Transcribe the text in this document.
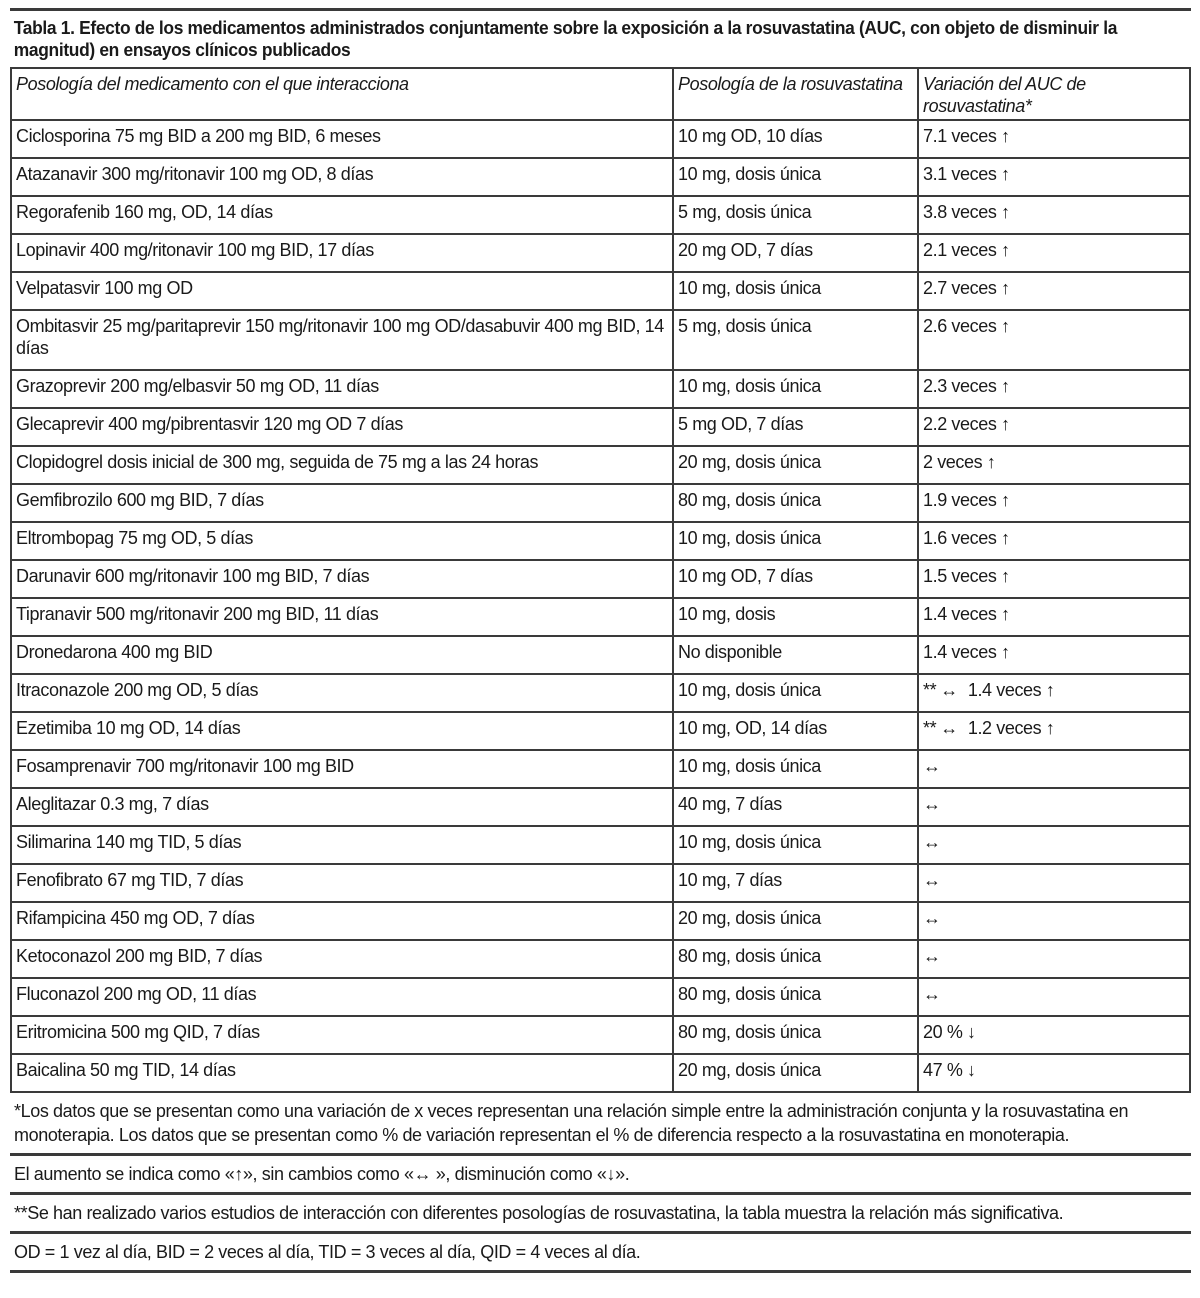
Tabla 1. Efecto de los medicamentos administrados conjuntamente sobre la exposición a la rosuvastatina (AUC, con objeto de disminuir la magnitud) en ensayos clínicos publicados
Posología del medicamento con el que interacciona	Posología de la rosuvastatina	Variación del AUC de rosuvastatina*
Ciclosporina 75 mg BID a 200 mg BID, 6 meses	10 mg OD, 10 días	7.1 veces ↑
Atazanavir 300 mg/ritonavir 100 mg OD, 8 días	10 mg, dosis única	3.1 veces ↑
Regorafenib 160 mg, OD, 14 días	5 mg, dosis única	3.8 veces ↑
Lopinavir 400 mg/ritonavir 100 mg BID, 17 días	20 mg OD, 7 días	2.1 veces ↑
Velpatasvir 100 mg OD	10 mg, dosis única	2.7 veces ↑
Ombitasvir 25 mg/paritaprevir 150 mg/ritonavir 100 mg OD/dasabuvir 400 mg BID, 14 días	5 mg, dosis única	2.6 veces ↑
Grazoprevir 200 mg/elbasvir 50 mg OD, 11 días	10 mg, dosis única	2.3 veces ↑
Glecaprevir 400 mg/pibrentasvir 120 mg OD 7 días	5 mg OD, 7 días	2.2 veces ↑
Clopidogrel dosis inicial de 300 mg, seguida de 75 mg a las 24 horas	20 mg, dosis única	2 veces ↑
Gemfibrozilo 600 mg BID, 7 días	80 mg, dosis única	1.9 veces ↑
Eltrombopag 75 mg OD, 5 días	10 mg, dosis única	1.6 veces ↑
Darunavir 600 mg/ritonavir 100 mg BID, 7 días	10 mg OD, 7 días	1.5 veces ↑
Tipranavir 500 mg/ritonavir 200 mg BID, 11 días	10 mg, dosis	1.4 veces ↑
Dronedarona 400 mg BID	No disponible	1.4 veces ↑
Itraconazole 200 mg OD, 5 días	10 mg, dosis única	** ↔ 1.4 veces ↑
Ezetimiba 10 mg OD, 14 días	10 mg, OD, 14 días	** ↔ 1.2 veces ↑
Fosamprenavir 700 mg/ritonavir 100 mg BID	10 mg, dosis única	↔
Aleglitazar 0.3 mg, 7 días	40 mg, 7 días	↔
Silimarina 140 mg TID, 5 días	10 mg, dosis única	↔
Fenofibrato 67 mg TID, 7 días	10 mg, 7 días	↔
Rifampicina 450 mg OD, 7 días	20 mg, dosis única	↔
Ketoconazol 200 mg BID, 7 días	80 mg, dosis única	↔
Fluconazol 200 mg OD, 11 días	80 mg, dosis única	↔
Eritromicina 500 mg QID, 7 días	80 mg, dosis única	20 % ↓
Baicalina 50 mg TID, 14 días	20 mg, dosis única	47 % ↓
*Los datos que se presentan como una variación de x veces representan una relación simple entre la administración conjunta y la rosuvastatina en monoterapia. Los datos que se presentan como % de variación representan el % de diferencia respecto a la rosuvastatina en monoterapia.
El aumento se indica como «↑», sin cambios como «↔ », disminución como «↓».
**Se han realizado varios estudios de interacción con diferentes posologías de rosuvastatina, la tabla muestra la relación más significativa.
OD = 1 vez al día, BID = 2 veces al día, TID = 3 veces al día, QID = 4 veces al día.
